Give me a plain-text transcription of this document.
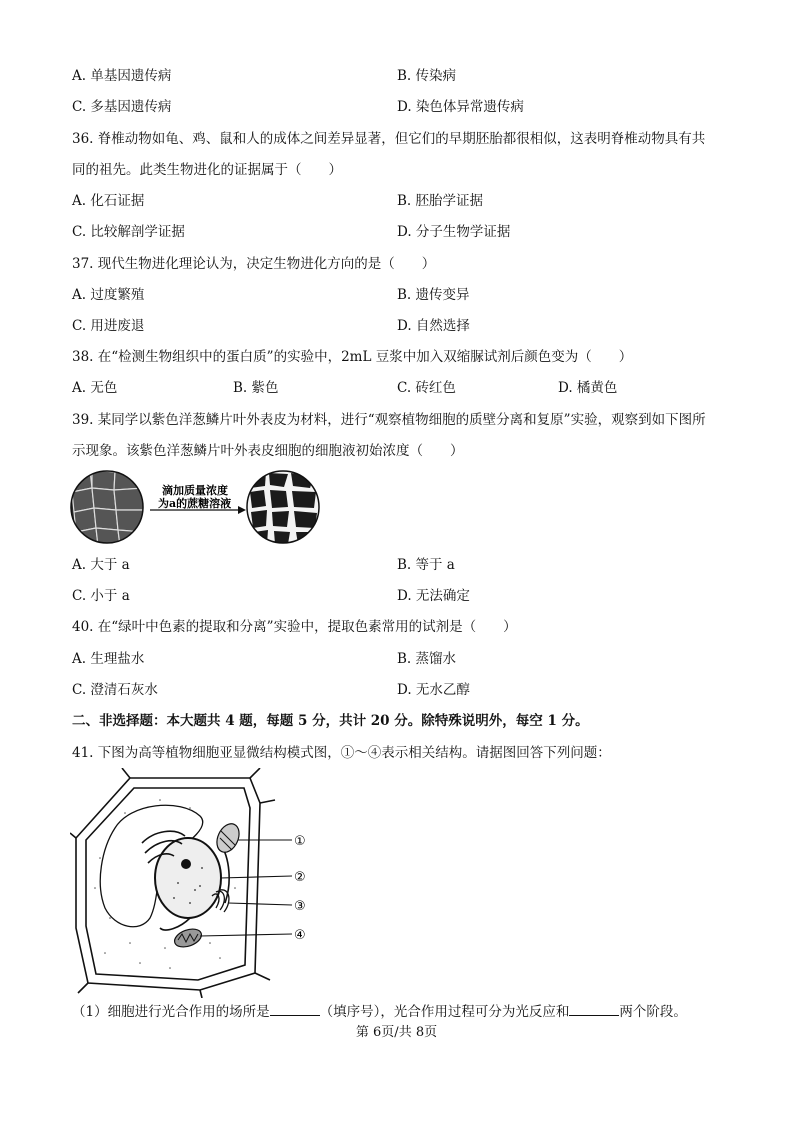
A. 单基因遗传病	B. 传染病
C. 多基因遗传病	D. 染色体异常遗传病
36. 脊椎动物如龟、鸡、鼠和人的成体之间差异显著，但它们的早期胚胎都很相似，这表明脊椎动物具有共
同的祖先。此类生物进化的证据属于（　　）
A. 化石证据	B. 胚胎学证据
C. 比较解剖学证据	D. 分子生物学证据
37. 现代生物进化理论认为，决定生物进化方向的是（　　）
A. 过度繁殖	B. 遗传变异
C. 用进废退	D. 自然选择
38. 在“检测生物组织中的蛋白质”的实验中，2mL 豆浆中加入双缩脲试剂后颜色变为（　　）
A. 无色	B. 紫色	C. 砖红色	D. 橘黄色
39. 某同学以紫色洋葱鳞片叶外表皮为材料，进行“观察植物细胞的质壁分离和复原”实验，观察到如下图所
示现象。该紫色洋葱鳞片叶外表皮细胞的细胞液初始浓度（　　）
滴加质量浓度
为a的蔗糖溶液
A. 大于 a	B. 等于 a
C. 小于 a	D. 无法确定
40. 在“绿叶中色素的提取和分离”实验中，提取色素常用的试剂是（　　）
A. 生理盐水	B. 蒸馏水
C. 澄清石灰水	D. 无水乙醇
二、非选择题：本大题共 4 题，每题 5 分，共计 20 分。除特殊说明外，每空 1 分。
41. 下图为高等植物细胞亚显微结构模式图，①～④表示相关结构。请据图回答下列问题：
①
②
③
④
（1）细胞进行光合作用的场所是	（填序号），光合作用过程可分为光反应和	两个阶段。
第 6页/共 8页
